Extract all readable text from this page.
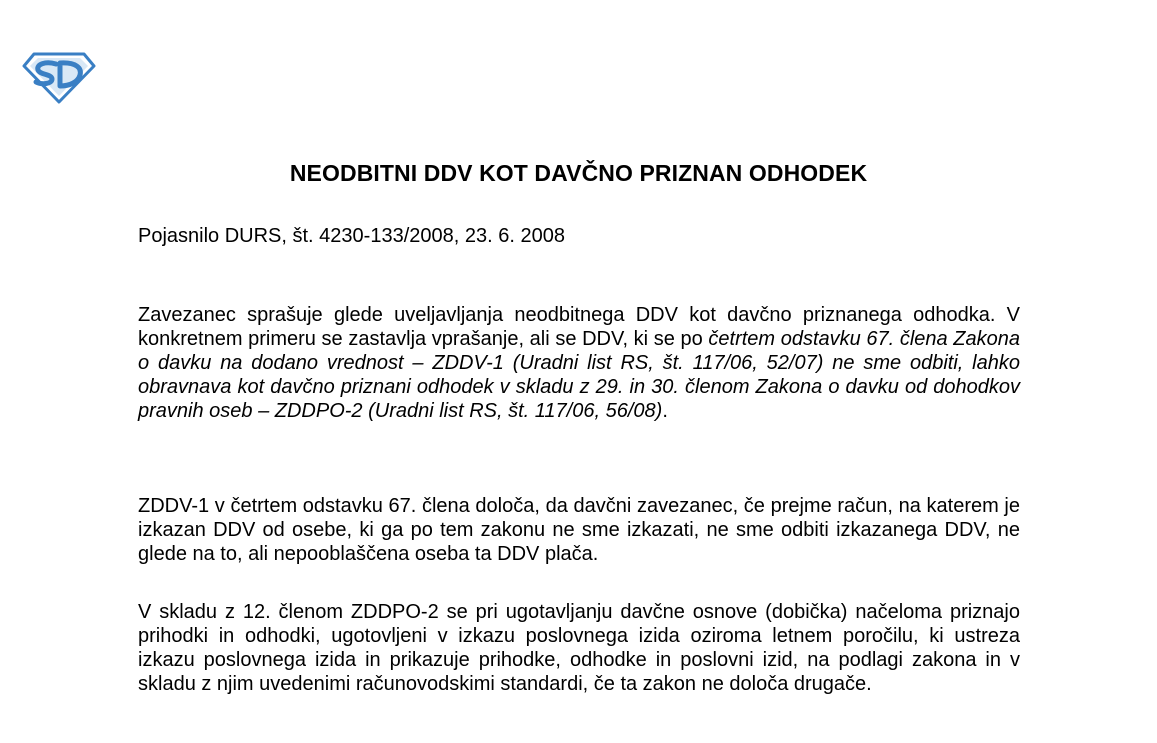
NEODBITNI DDV KOT DAVČNO PRIZNAN ODHODEK
Pojasnilo DURS, št. 4230-133/2008, 23. 6. 2008
Zavezanec sprašuje glede uveljavljanja neodbitnega DDV kot davčno priznanega odhodka. V konkretnem primeru se zastavlja vprašanje, ali se DDV, ki se po četrtem odstavku 67. člena Zakona o davku na dodano vrednost – ZDDV-1 (Uradni list RS, št. 117/06, 52/07) ne sme odbiti, lahko obravnava kot davčno priznani odhodek v skladu z 29. in 30. členom Zakona o davku od dohodkov pravnih oseb – ZDDPO-2 (Uradni list RS, št. 117/06, 56/08).
ZDDV-1 v četrtem odstavku 67. člena določa, da davčni zavezanec, če prejme račun, na katerem je izkazan DDV od osebe, ki ga po tem zakonu ne sme izkazati, ne sme odbiti izkazanega DDV, ne glede na to, ali nepooblaščena oseba ta DDV plača.
V skladu z 12. členom ZDDPO-2 se pri ugotavljanju davčne osnove (dobička) načeloma priznajo prihodki in odhodki, ugotovljeni v izkazu poslovnega izida oziroma letnem poročilu, ki ustreza izkazu poslovnega izida in prikazuje prihodke, odhodke in poslovni izid, na podlagi zakona in v skladu z njim uvedenimi računovodskimi standardi, če ta zakon ne določa drugače.
